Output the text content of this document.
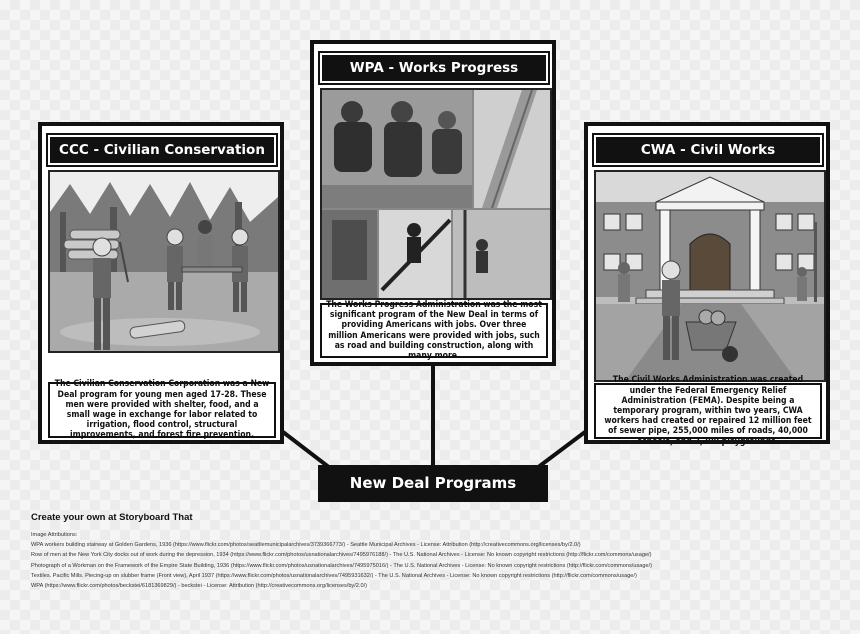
CCC - Civilian Conservation
The Civilian Conservation Corporation was a New Deal program for young men aged 17-28. These men were provided with shelter, food, and a small wage in exchange for labor related to irrigation, flood control, structural improvements, and forest fire prevention.
WPA - Works Progress
The Works Progress Administration was the most significant program of the New Deal in terms of providing Americans with jobs. Over three million Americans were provided with jobs, such as road and building construction, along with many more.
CWA - Civil Works
under the Federal Emergency Relief Administration (FEMA). Despite being a temporary program, within two years, CWA workers had created or repaired 12 million feet of sewer pipe, 255,000 miles of roads, 40,000 schools, and 3,700 playgrounds.
New Deal Programs
Create your own at Storyboard That
Image Attributions:
WPA workers building stairway at Golden Gardens, 1936 (https://www.flickr.com/photos/seattlemunicipalarchives/3739366773/) - Seattle Municipal Archives - License: Attribution (http://creativecommons.org/licenses/by/2.0/)
Row of men at the New York City docks out of work during the depression, 1934 (https://www.flickr.com/photos/usnationalarchives/7495976188/) - The U.S. National Archives - License: No known copyright restrictions (http://flickr.com/commons/usage/)
Photograph of a Workman on the Framework of the Empire State Building, 1936 (https://www.flickr.com/photos/usnationalarchives/7495975016/) - The U.S. National Archives - License: No known copyright restrictions (http://flickr.com/commons/usage/)
Textiles. Pacific Mills. Piecing-up on slubber frame (Front view), April 1937 (https://www.flickr.com/photos/usnationalarchives/7495931632/) - The U.S. National Archives - License: No known copyright restrictions (http://flickr.com/commons/usage/)
WPA (https://www.flickr.com/photos/beckstei/6181369829/) - beckstei - License: Attribution (http://creativecommons.org/licenses/by/2.0/)
